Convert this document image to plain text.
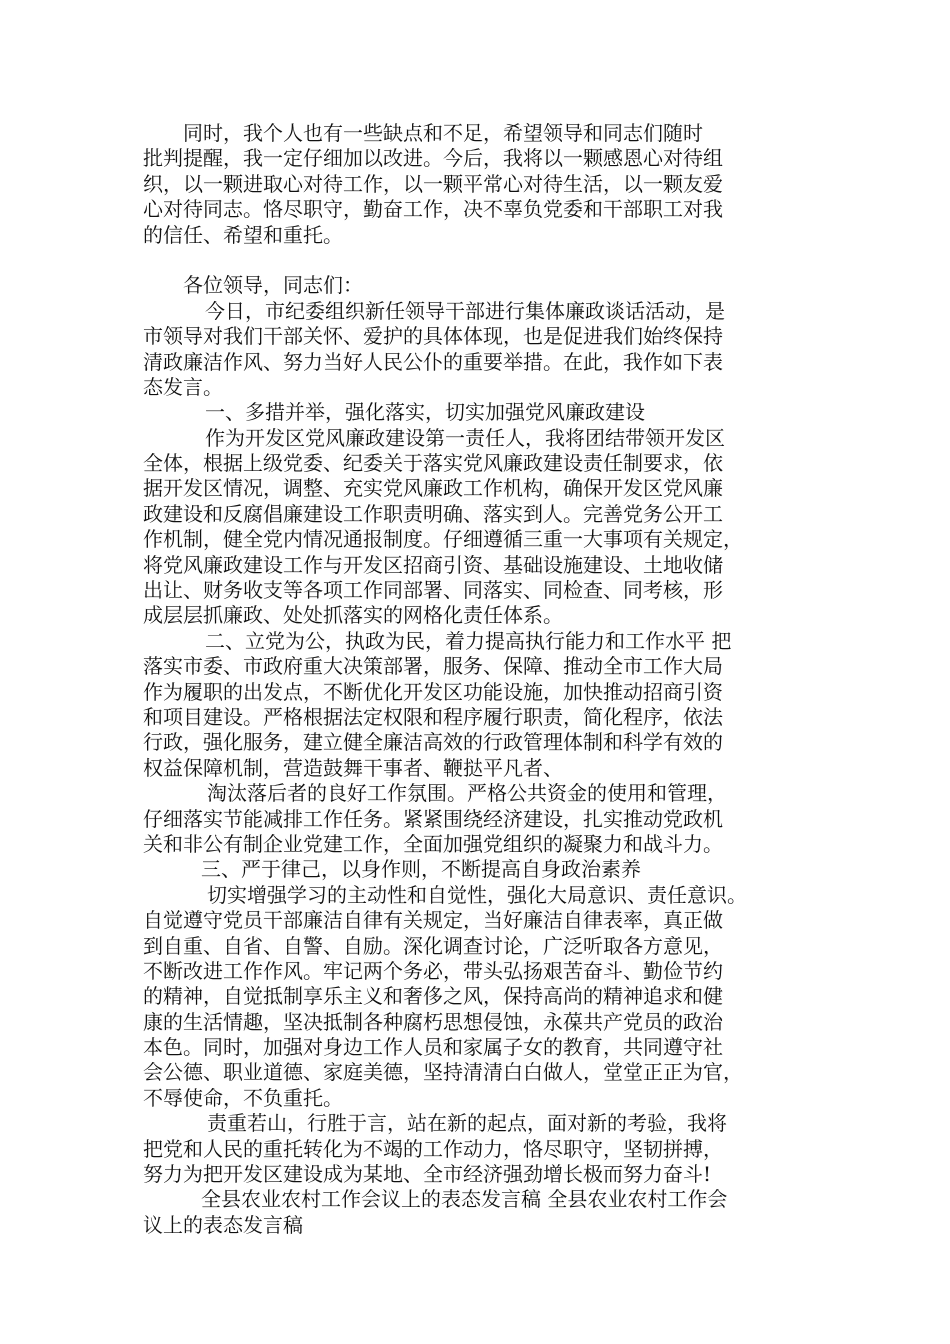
同时，我个人也有一些缺点和不足，希望领导和同志们随时
批判提醒，我一定仔细加以改进。今后，我将以一颗感恩心对待组
织，以一颗进取心对待工作，以一颗平常心对待生活，以一颗友爱
心对待同志。恪尽职守，勤奋工作，决不辜负党委和干部职工对我
的信任、希望和重托。
各位领导，同志们：
今日，市纪委组织新任领导干部进行集体廉政谈话活动，是
市领导对我们干部关怀、爱护的具体体现，也是促进我们始终保持
清政廉洁作风、努力当好人民公仆的重要举措。在此，我作如下表
态发言。
一、多措并举，强化落实，切实加强党风廉政建设
作为开发区党风廉政建设第一责任人，我将团结带领开发区
全体，根据上级党委、纪委关于落实党风廉政建设责任制要求，依
据开发区情况，调整、充实党风廉政工作机构，确保开发区党风廉
政建设和反腐倡廉建设工作职责明确、落实到人。完善党务公开工
作机制，健全党内情况通报制度。仔细遵循三重一大事项有关规定，
将党风廉政建设工作与开发区招商引资、基础设施建设、土地收储
出让、财务收支等各项工作同部署、同落实、同检查、同考核，形
成层层抓廉政、处处抓落实的网格化责任体系。
二、立党为公，执政为民，着力提高执行能力和工作水平 把
落实市委、市政府重大决策部署，服务、保障、推动全市工作大局
作为履职的出发点，不断优化开发区功能设施，加快推动招商引资
和项目建设。严格根据法定权限和程序履行职责，简化程序，依法
行政，强化服务，建立健全廉洁高效的行政管理体制和科学有效的
权益保障机制，营造鼓舞干事者、鞭挞平凡者、
淘汰落后者的良好工作氛围。严格公共资金的使用和管理，
仔细落实节能减排工作任务。紧紧围绕经济建设，扎实推动党政机
关和非公有制企业党建工作，全面加强党组织的凝聚力和战斗力。
三、严于律己，以身作则，不断提高自身政治素养
切实增强学习的主动性和自觉性，强化大局意识、责任意识。
自觉遵守党员干部廉洁自律有关规定，当好廉洁自律表率，真正做
到自重、自省、自警、自励。深化调查讨论，广泛听取各方意见，
不断改进工作作风。牢记两个务必，带头弘扬艰苦奋斗、勤俭节约
的精神，自觉抵制享乐主义和奢侈之风，保持高尚的精神追求和健
康的生活情趣，坚决抵制各种腐朽思想侵蚀，永葆共产党员的政治
本色。同时，加强对身边工作人员和家属子女的教育，共同遵守社
会公德、职业道德、家庭美德，坚持清清白白做人，堂堂正正为官，
不辱使命，不负重托。
责重若山，行胜于言，站在新的起点，面对新的考验，我将
把党和人民的重托转化为不竭的工作动力，恪尽职守，坚韧拼搏，
努力为把开发区建设成为某地、全市经济强劲增长极而努力奋斗!
全县农业农村工作会议上的表态发言稿 全县农业农村工作会
议上的表态发言稿
